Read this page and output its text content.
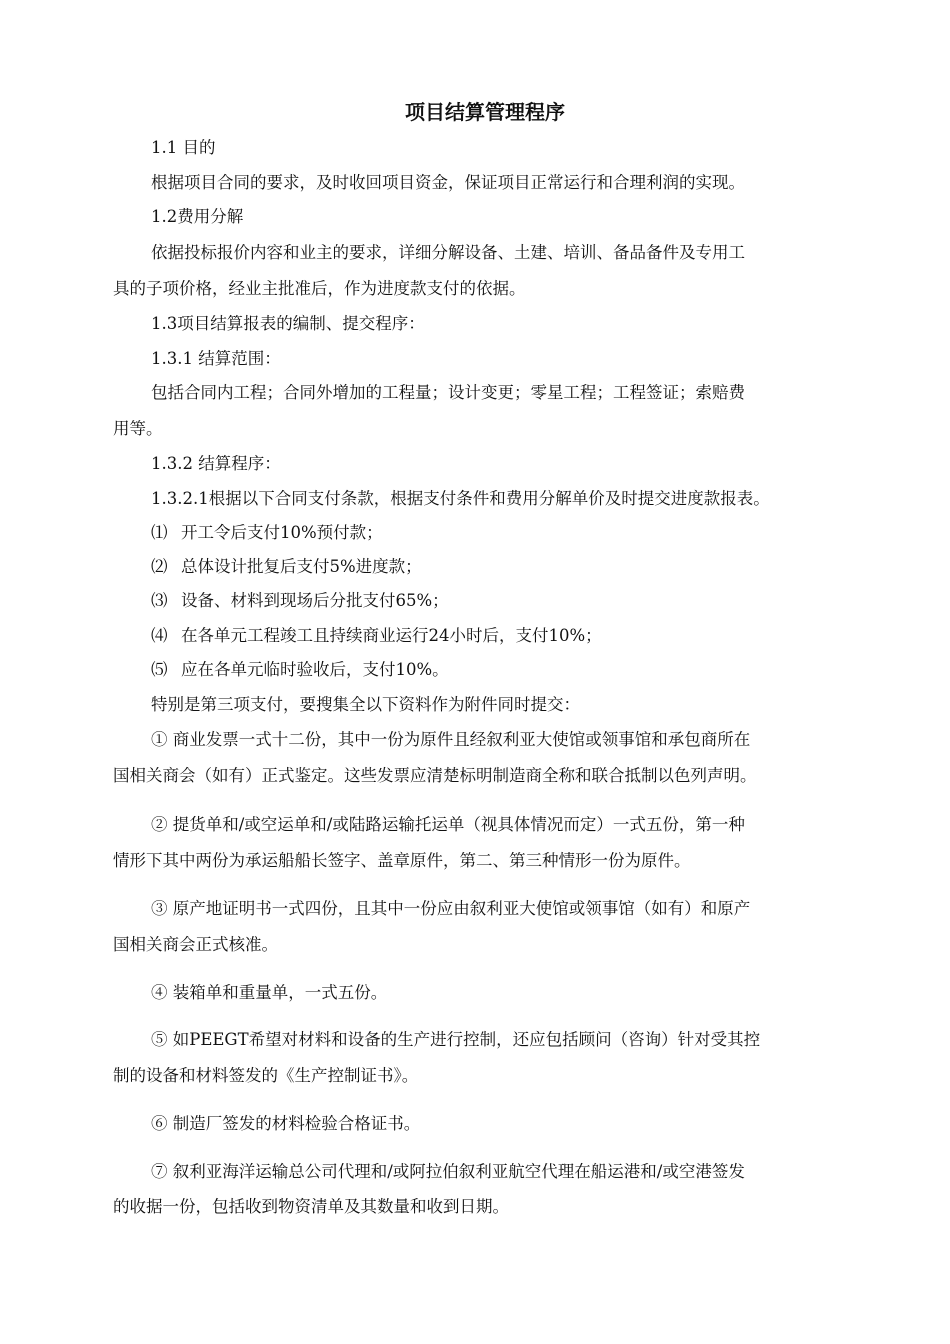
项目结算管理程序

1.1 目的

根据项目合同的要求，及时收回项目资金，保证项目正常运行和合理利润的实现。

1.2费用分解

依据投标报价内容和业主的要求，详细分解设备、土建、培训、备品备件及专用工

具的子项价格，经业主批准后，作为进度款支付的依据。

1.3项目结算报表的编制、提交程序：

1.3.1 结算范围：

包括合同内工程；合同外增加的工程量；设计变更；零星工程；工程签证；索赔费

用等。

1.3.2 结算程序：

1.3.2.1根据以下合同支付条款，根据支付条件和费用分解单价及时提交进度款报表。

⑴ 开工令后支付10%预付款；

⑵ 总体设计批复后支付5%进度款；

⑶ 设备、材料到现场后分批支付65%；

⑷ 在各单元工程竣工且持续商业运行24小时后，支付10%；

⑸ 应在各单元临时验收后，支付10%。

特别是第三项支付，要搜集全以下资料作为附件同时提交：

① 商业发票一式十二份，其中一份为原件且经叙利亚大使馆或领事馆和承包商所在

国相关商会（如有）正式鉴定。这些发票应清楚标明制造商全称和联合抵制以色列声明。

② 提货单和/或空运单和/或陆路运输托运单（视具体情况而定）一式五份，第一种

情形下其中两份为承运船船长签字、盖章原件，第二、第三种情形一份为原件。

③ 原产地证明书一式四份，且其中一份应由叙利亚大使馆或领事馆（如有）和原产

国相关商会正式核准。

④ 装箱单和重量单，一式五份。

⑤ 如PEEGT希望对材料和设备的生产进行控制，还应包括顾问（咨询）针对受其控

制的设备和材料签发的《生产控制证书》。

⑥ 制造厂签发的材料检验合格证书。

⑦ 叙利亚海洋运输总公司代理和/或阿拉伯叙利亚航空代理在船运港和/或空港签发

的收据一份，包括收到物资清单及其数量和收到日期。
